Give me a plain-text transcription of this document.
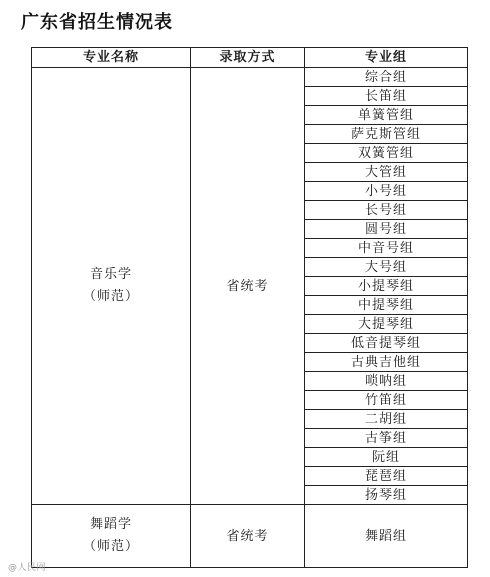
广东省招生情况表
专业名称	录取方式	专业组

音乐学
（师范）	省统考	综合组
		长笛组
		单簧管组
		萨克斯管组
		双簧管组
		大管组
		小号组
		长号组
		圆号组
		中音号组
		大号组
		小提琴组
		中提琴组
		大提琴组
		低音提琴组
		古典吉他组
		唢呐组
		竹笛组
		二胡组
		古筝组
		阮组
		琵琶组
		扬琴组

舞蹈学
（师范）	省统考	舞蹈组
@人民网
